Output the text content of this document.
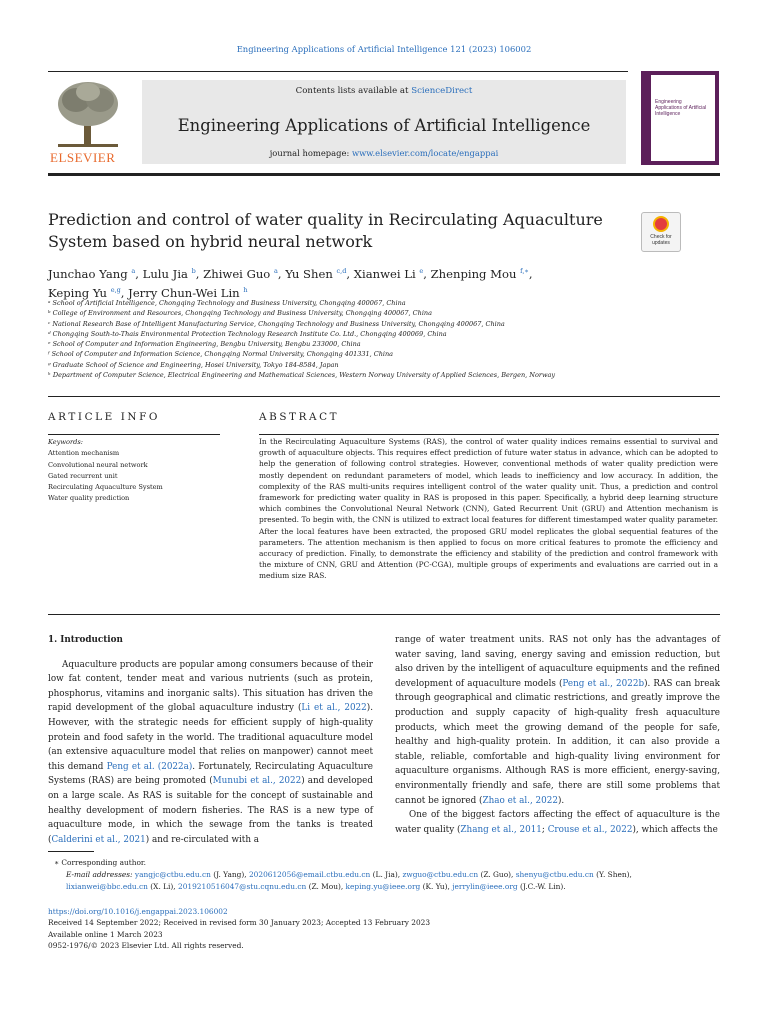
Engineering Applications of Artificial Intelligence 121 (2023) 106002
ELSEVIER
Contents lists available at ScienceDirect
Engineering Applications of Artificial Intelligence
journal homepage: www.elsevier.com/locate/engappai
Engineering Applications of Artificial Intelligence
Prediction and control of water quality in Recirculating Aquaculture System based on hybrid neural network	Check for updates
Junchao Yang $^a$, Lulu Jia $^b$, Zhiwei Guo $^a$, Yu Shen $^{c,d}$, Xianwei Li $^e$, Zhenping Mou $^{f,∗}$,
Keping Yu $^{e,g}$, Jerry Chun-Wei Lin $^h$
ᵃ School of Artificial Intelligence, Chongqing Technology and Business University, Chongqing 400067, China
ᵇ College of Environment and Resources, Chongqing Technology and Business University, Chongqing 400067, China
ᶜ National Research Base of Intelligent Manufacturing Service, Chongqing Technology and Business University, Chongqing 400067, China
ᵈ Chongqing South-to-Thais Environmental Protection Technology Research Institute Co. Ltd., Chongqing 400069, China
ᵉ School of Computer and Information Engineering, Bengbu University, Bengbu 233000, China
ᶠ School of Computer and Information Science, Chongqing Normal University, Chongqing 401331, China
ᵍ Graduate School of Science and Engineering, Hosei University, Tokyo 184-8584, Japan
ʰ Department of Computer Science, Electrical Engineering and Mathematical Sciences, Western Norway University of Applied Sciences, Bergen, Norway
ARTICLE INFO	ABSTRACT
Keywords:
Attention mechanism
Convolutional neural network
Gated recurrent unit
Recirculating Aquaculture System
Water quality prediction
In the Recirculating Aquaculture Systems (RAS), the control of water quality indices remains essential to survival and growth of aquaculture objects. This requires effect prediction of future water status in advance, which can be adopted to help the generation of following control strategies. However, conventional methods of water quality prediction were mostly dependent on redundant parameters of model, which leads to inefficiency and low accuracy. In addition, the complexity of the RAS multi-units requires intelligent control of the water quality unit. Thus, a prediction and control framework for predicting water quality in RAS is proposed in this paper. Specifically, a hybrid deep learning structure which combines the Convolutional Neural Network (CNN), Gated Recurrent Unit (GRU) and Attention mechanism is presented. To begin with, the CNN is utilized to extract local features for different timestamped water quality parameter. After the local features have been extracted, the proposed GRU model replicates the global sequential features of the parameters. The attention mechanism is then applied to focus on more critical features to promote the efficiency and accuracy of prediction. Finally, to demonstrate the efficiency and stability of the prediction and control framework with the mixture of CNN, GRU and Attention (PC-CGA), multiple groups of experiments and evaluations are carried out in a medium size RAS.
1. Introduction
Aquaculture products are popular among consumers because of their low fat content, tender meat and various nutrients (such as protein, phosphorus, vitamins and inorganic salts). This situation has driven the rapid development of the global aquaculture industry (Li et al., 2022). However, with the strategic needs for efficient supply of high-quality protein and food safety in the world. The traditional aquaculture model (an extensive aquaculture model that relies on manpower) cannot meet this demand Peng et al. (2022a). Fortunately, Recirculating Aquaculture Systems (RAS) are being promoted (Munubi et al., 2022) and developed on a large scale. As RAS is suitable for the concept of sustainable and healthy development of modern fisheries. The RAS is a new type of aquaculture mode, in which the sewage from the tanks is treated (Calderini et al., 2021) and re-circulated with a
range of water treatment units. RAS not only has the advantages of water saving, land saving, energy saving and emission reduction, but also driven by the intelligent of aquaculture equipments and the refined development of aquaculture models (Peng et al., 2022b). RAS can break through geographical and climatic restrictions, and greatly improve the production and supply capacity of high-quality fresh aquaculture products, which meet the growing demand of the people for safe, healthy and high-quality protein. In addition, it can also provide a stable, reliable, comfortable and high-quality living environment for aquaculture organisms. Although RAS is more efficient, energy-saving, environmentally friendly and safe, there are still some problems that cannot be ignored (Zhao et al., 2022).
One of the biggest factors affecting the effect of aquaculture is the water quality (Zhang et al., 2011; Crouse et al., 2022), which affects the
∗ Corresponding author.
E-mail addresses: yangjc@ctbu.edu.cn (J. Yang), 2020612056@email.ctbu.edu.cn (L. Jia), zwguo@ctbu.edu.cn (Z. Guo), shenyu@ctbu.edu.cn (Y. Shen),
lixianwei@bbc.edu.cn (X. Li), 2019210516047@stu.cqnu.edu.cn (Z. Mou), keping.yu@ieee.org (K. Yu), jerrylin@ieee.org (J.C.-W. Lin).
https://doi.org/10.1016/j.engappai.2023.106002
Received 14 September 2022; Received in revised form 30 January 2023; Accepted 13 February 2023
Available online 1 March 2023
0952-1976/© 2023 Elsevier Ltd. All rights reserved.
